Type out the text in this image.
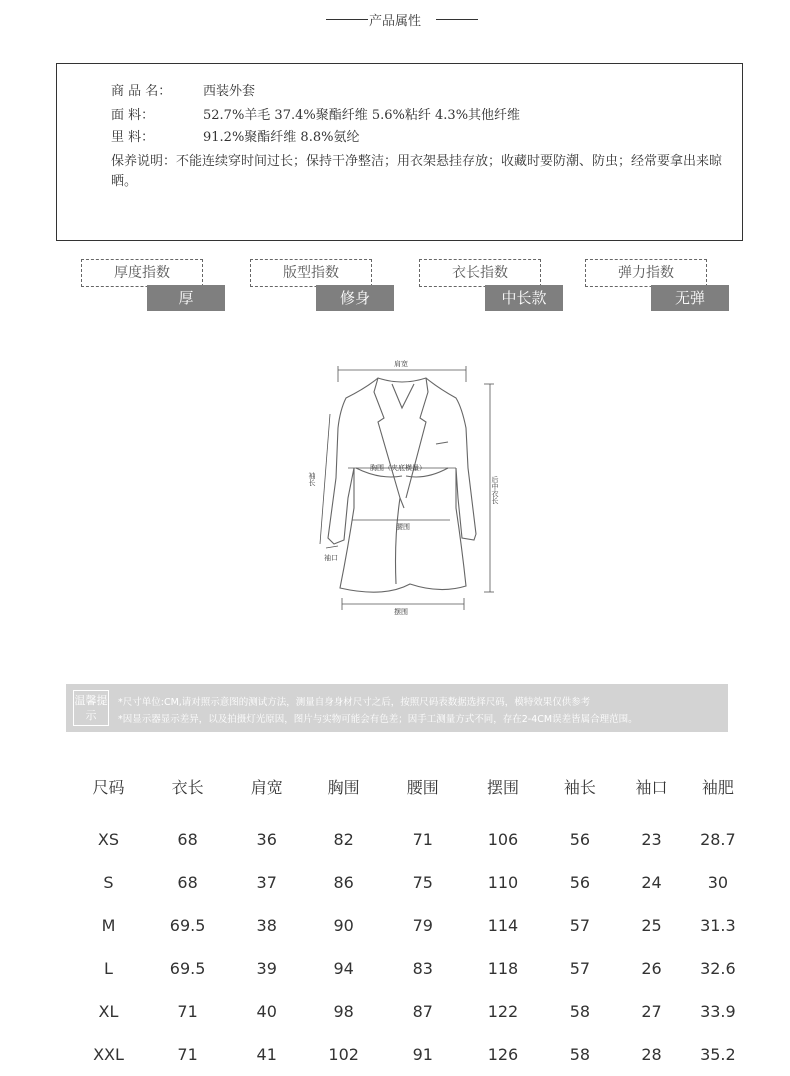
产品属性
商 品 名： 西装外套
面 料：	52.7%羊毛 37.4%聚酯纤维 5.6%粘纤 4.3%其他纤维
里 料：	91.2%聚酯纤维 8.8%氨纶
保养说明：不能连续穿时间过长；保持干净整洁；用衣架悬挂存放；收藏时要防潮、防虫；经常要拿出来晾晒。
厚度指数
厚
版型指数
修身
衣长指数
中长款
弹力指数
无弹
肩宽
胸围（夹底横量）
腰围
摆围
袖长
袖口
后中衣长
温馨提示
*尺寸单位:CM,请对照示意图的测试方法，测量自身身材尺寸之后，按照尺码表数据选择尺码，模特效果仅供参考
*因显示器显示差异，以及拍摄灯光原因，图片与实物可能会有色差；因手工测量方式不同，存在2-4CM误差皆属合理范围。
尺码	衣长	肩宽	胸围	腰围	摆围	袖长	袖口	袖肥
XS	68	36	82	71	106	56	23	28.7
S	68	37	86	75	110	56	24	30
M	69.5	38	90	79	114	57	25	31.3
L	69.5	39	94	83	118	57	26	32.6
XL	71	40	98	87	122	58	27	33.9
XXL	71	41	102	91	126	58	28	35.2
